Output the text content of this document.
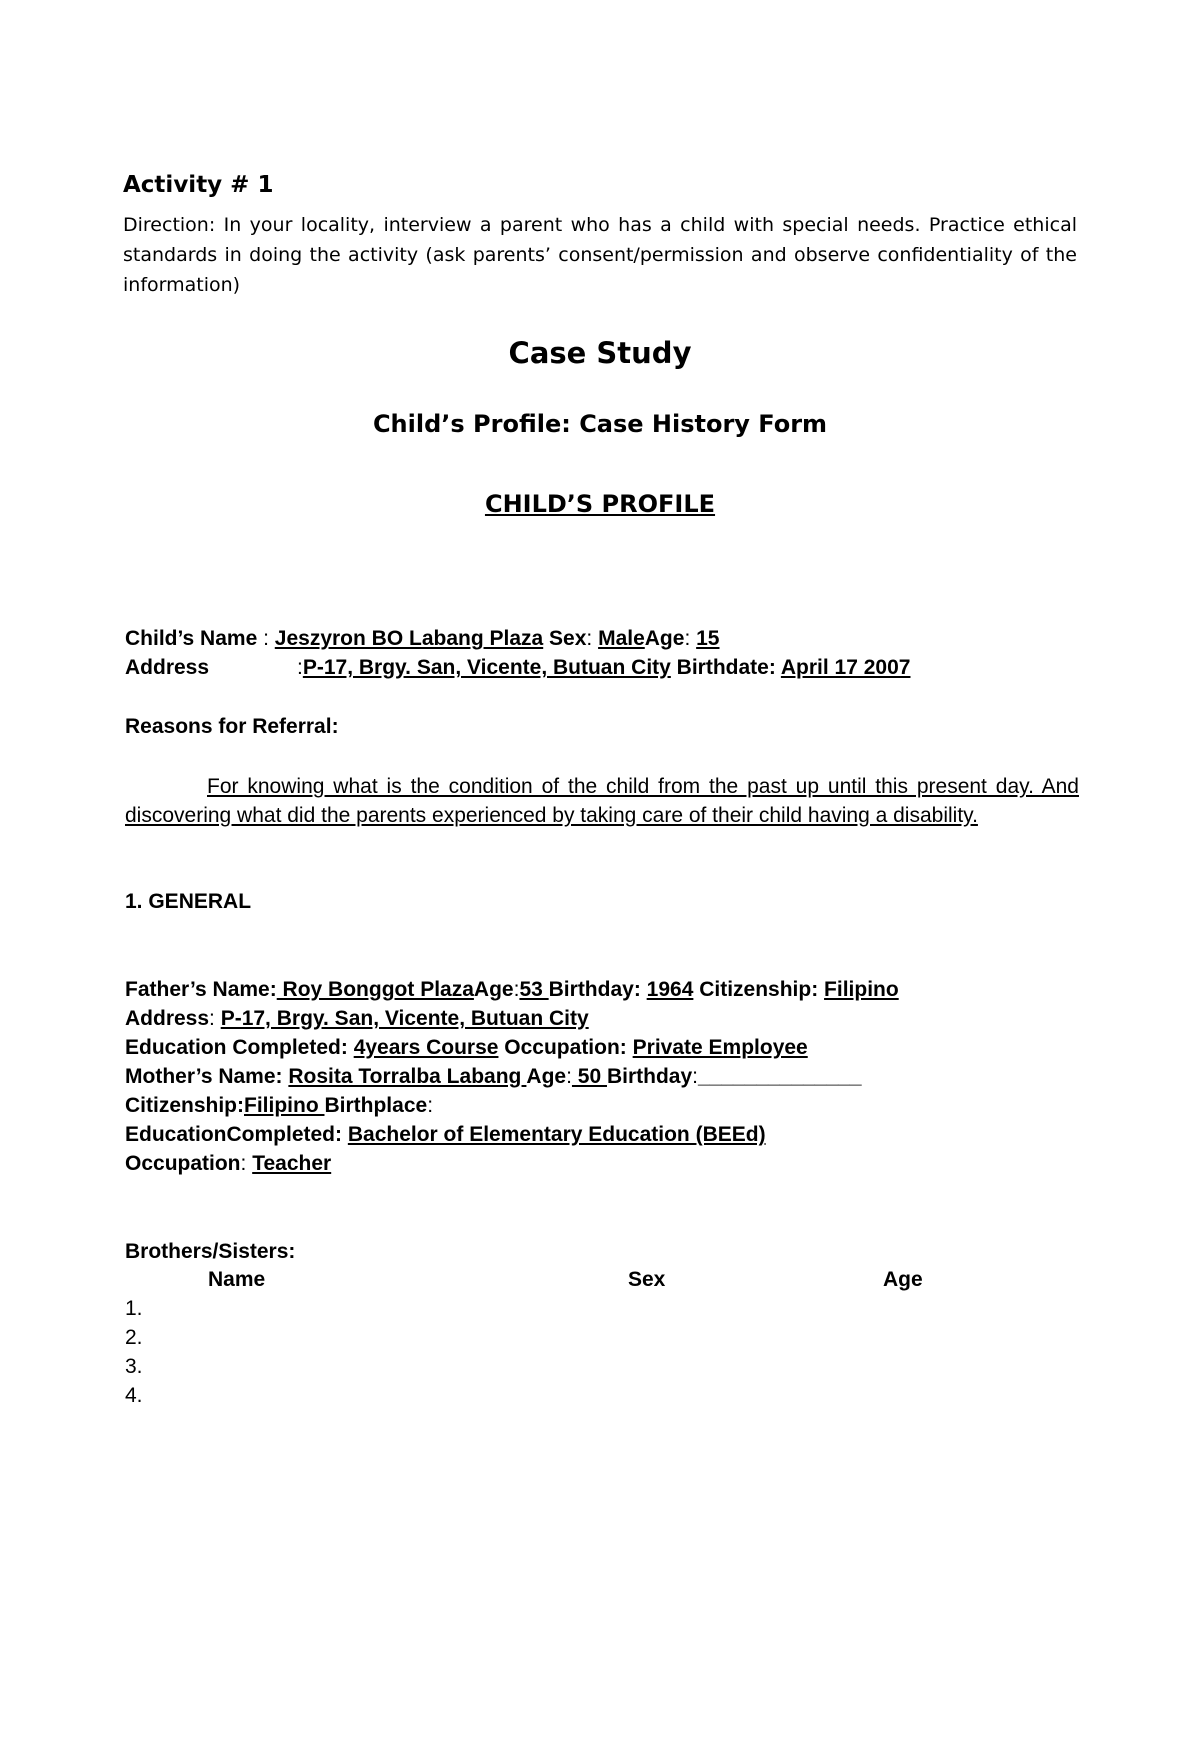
Activity # 1
Direction: In your locality, interview a parent who has a child with special needs. Practice ethical standards in doing the activity (ask parents’ consent/permission and observe confidentiality of the information)
Case Study
Child’s Profile: Case History Form
CHILD’S PROFILE
Child’s Name : Jeszyron BO Labang Plaza Sex: MaleAge: 15
Address	:P-17, Brgy. San, Vicente, Butuan City Birthdate: April 17 2007
Reasons for Referral:
For knowing what is the condition of the child from the past up until this present day. And discovering what did the parents experienced by taking care of their child having a disability.
1. GENERAL
Father’s Name: Roy Bonggot PlazaAge:53 Birthday: 1964 Citizenship: Filipino
Address: P-17, Brgy. San, Vicente, Butuan City
Education Completed: 4years Course Occupation: Private Employee
Mother’s Name: Rosita Torralba Labang Age: 50 Birthday:______________
Citizenship:Filipino Birthplace:
EducationCompleted: Bachelor of Elementary Education (BEEd)
Occupation: Teacher
Brothers/Sisters:
Name	Sex	Age
1.
2.
3.
4.
